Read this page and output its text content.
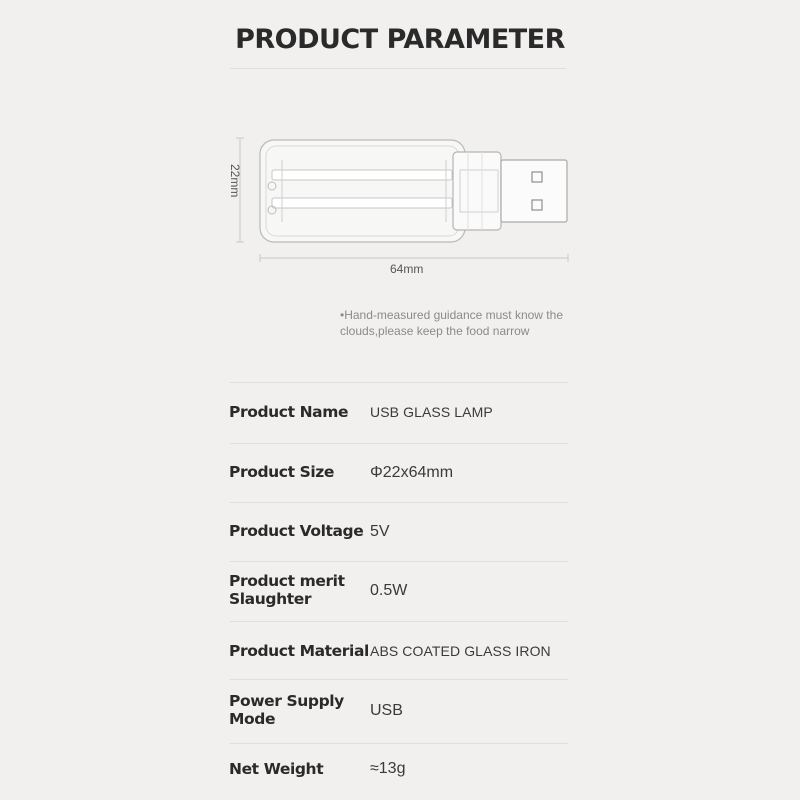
PRODUCT PARAMETER
22mm
64mm
•Hand-measured guidance must know the
clouds,please keep the food narrow
Product Name USB GLASS LAMP
Product Size Φ22x64mm
Product Voltage 5V
Product merit Slaughter	0.5W
Product Material ABS COATED GLASS IRON
Power Supply Mode	USB
Net Weight	≈13g
